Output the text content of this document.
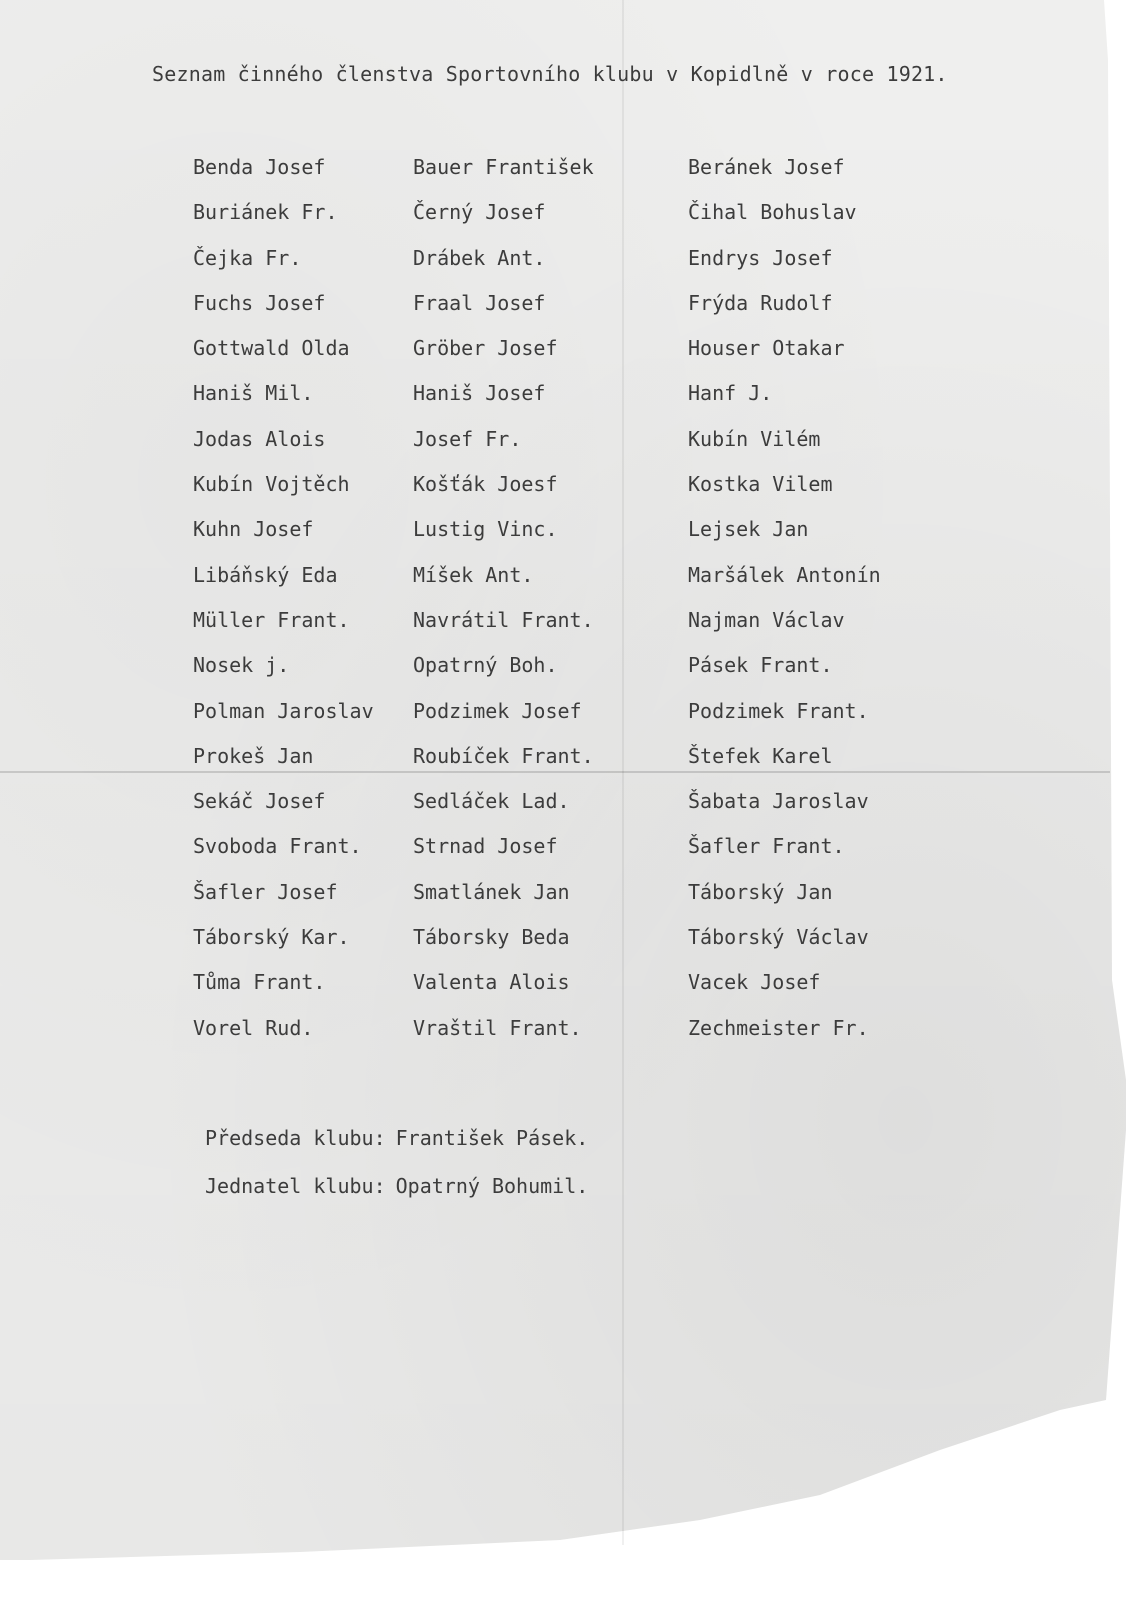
Seznam činného členstva Sportovního klubu v Kopidlně v roce 1921.
Benda Josef
Buriánek Fr.
Čejka Fr.
Fuchs Josef
Gottwald Olda
Haniš Mil.
Jodas Alois
Kubín Vojtěch
Kuhn Josef
Libáňský Eda
Müller Frant.
Nosek j.
Polman Jaroslav
Prokeš Jan
Sekáč Josef
Svoboda Frant.
Šafler Josef
Táborský Kar.
Tůma Frant.
Vorel Rud.
Bauer František
Černý Josef
Drábek Ant.
Fraal Josef
Gröber Josef
Haniš Josef
Josef Fr.
Košťák Joesf
Lustig Vinc.
Míšek Ant.
Navrátil Frant.
Opatrný Boh.
Podzimek Josef
Roubíček Frant.
Sedláček Lad.
Strnad Josef
Smatlánek Jan
Táborsky Beda
Valenta Alois
Vraštil Frant.
Beránek Josef
Čihal Bohuslav
Endrys Josef
Frýda Rudolf
Houser Otakar
Hanf J.
Kubín Vilém
Kostka Vilem
Lejsek Jan
Maršálek Antonín
Najman Václav
Pásek Frant.
Podzimek Frant.
Štefek Karel
Šabata Jaroslav
Šafler Frant.
Táborský Jan
Táborský Václav
Vacek Josef
Zechmeister Fr.
Předseda klubu: František Pásek.
Jednatel klubu: Opatrný Bohumil.
